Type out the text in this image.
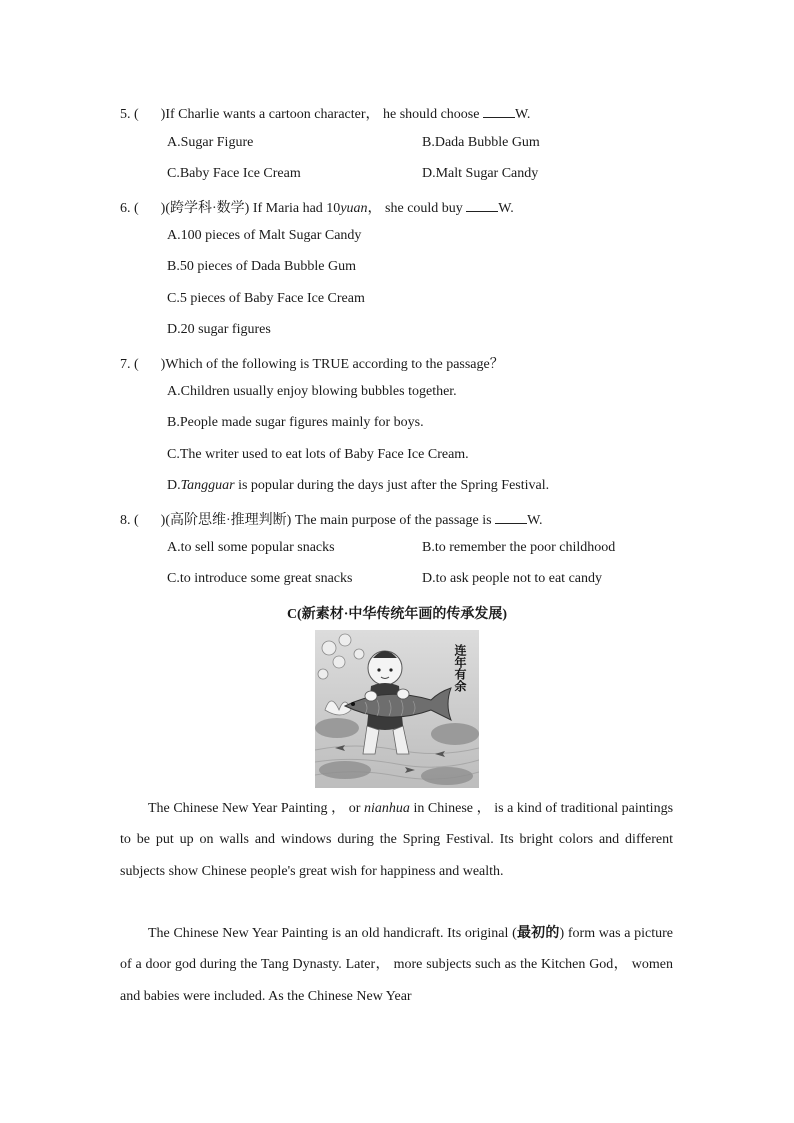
5. ( )If Charlie wants a cartoon character， he should choose	W.
A.Sugar Figure	B.Dada Bubble Gum
C.Baby Face Ice Cream	D.Malt Sugar Candy
6. ( )(跨学科·数学) If Maria had 10yuan， she could buy	W.
A.100 pieces of Malt Sugar Candy
B.50 pieces of Dada Bubble Gum
C.5 pieces of Baby Face Ice Cream
D.20 sugar figures
7. ( )Which of the following is TRUE according to the passage？
A.Children usually enjoy blowing bubbles together.
B.People made sugar figures mainly for boys.
C.The writer used to eat lots of Baby Face Ice Cream.
D.Tangguar is popular during the days just after the Spring Festival.
8. ( )(高阶思维·推理判断) The main purpose of the passage is	W.
A.to sell some popular snacks	B.to remember the poor childhood
C.to introduce some great snacks	D.to ask people not to eat candy
C(新素材·中华传统年画的传承发展)
连年有余
The Chinese New Year Painting ， or nianhua in Chinese ， is a kind of traditional paintings to be put up on walls and windows during the Spring Festival. Its bright colors and different subjects show Chinese people's great wish for happiness and wealth.
The Chinese New Year Painting is an old handicraft. Its original (最初的) form was a picture of a door god during the Tang Dynasty. Later， more subjects such as the Kitchen God， women and babies were included. As the Chinese New Year
